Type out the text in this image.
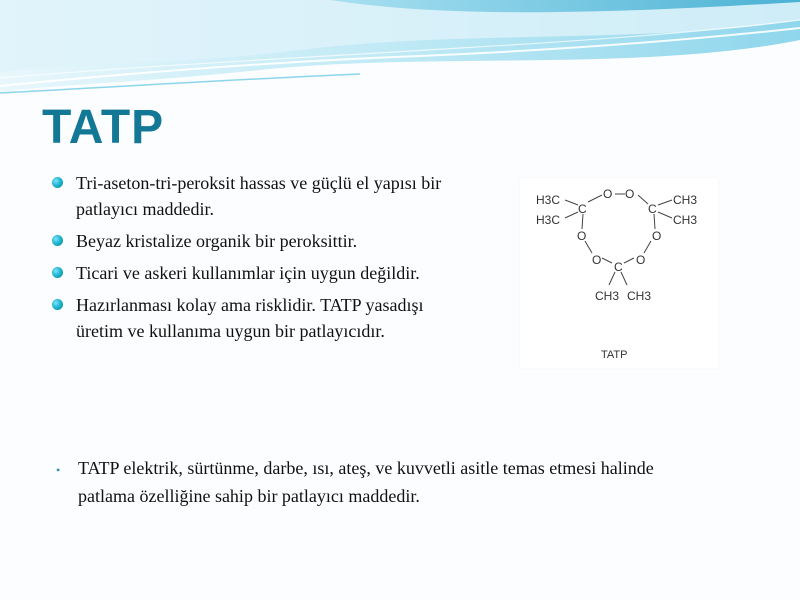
TATP
Tri-aseton-tri-peroksit hassas ve güçlü el yapısı bir patlayıcı maddedir.
Beyaz kristalize organik bir peroksittir.
Ticari ve askeri kullanımlar için uygun değildir.
Hazırlanması kolay ama risklidir. TATP yasadışı üretim ve kullanıma uygun bir patlayıcıdır.
O O
C	C
O	O
O	O
C
H3C
H3C
CH3
CH3
CH3 CH3
TATP
• TATP elektrik, sürtünme, darbe, ısı, ateş, ve kuvvetli asitle temas etmesi halinde patlama özelliğine sahip bir patlayıcı maddedir.
